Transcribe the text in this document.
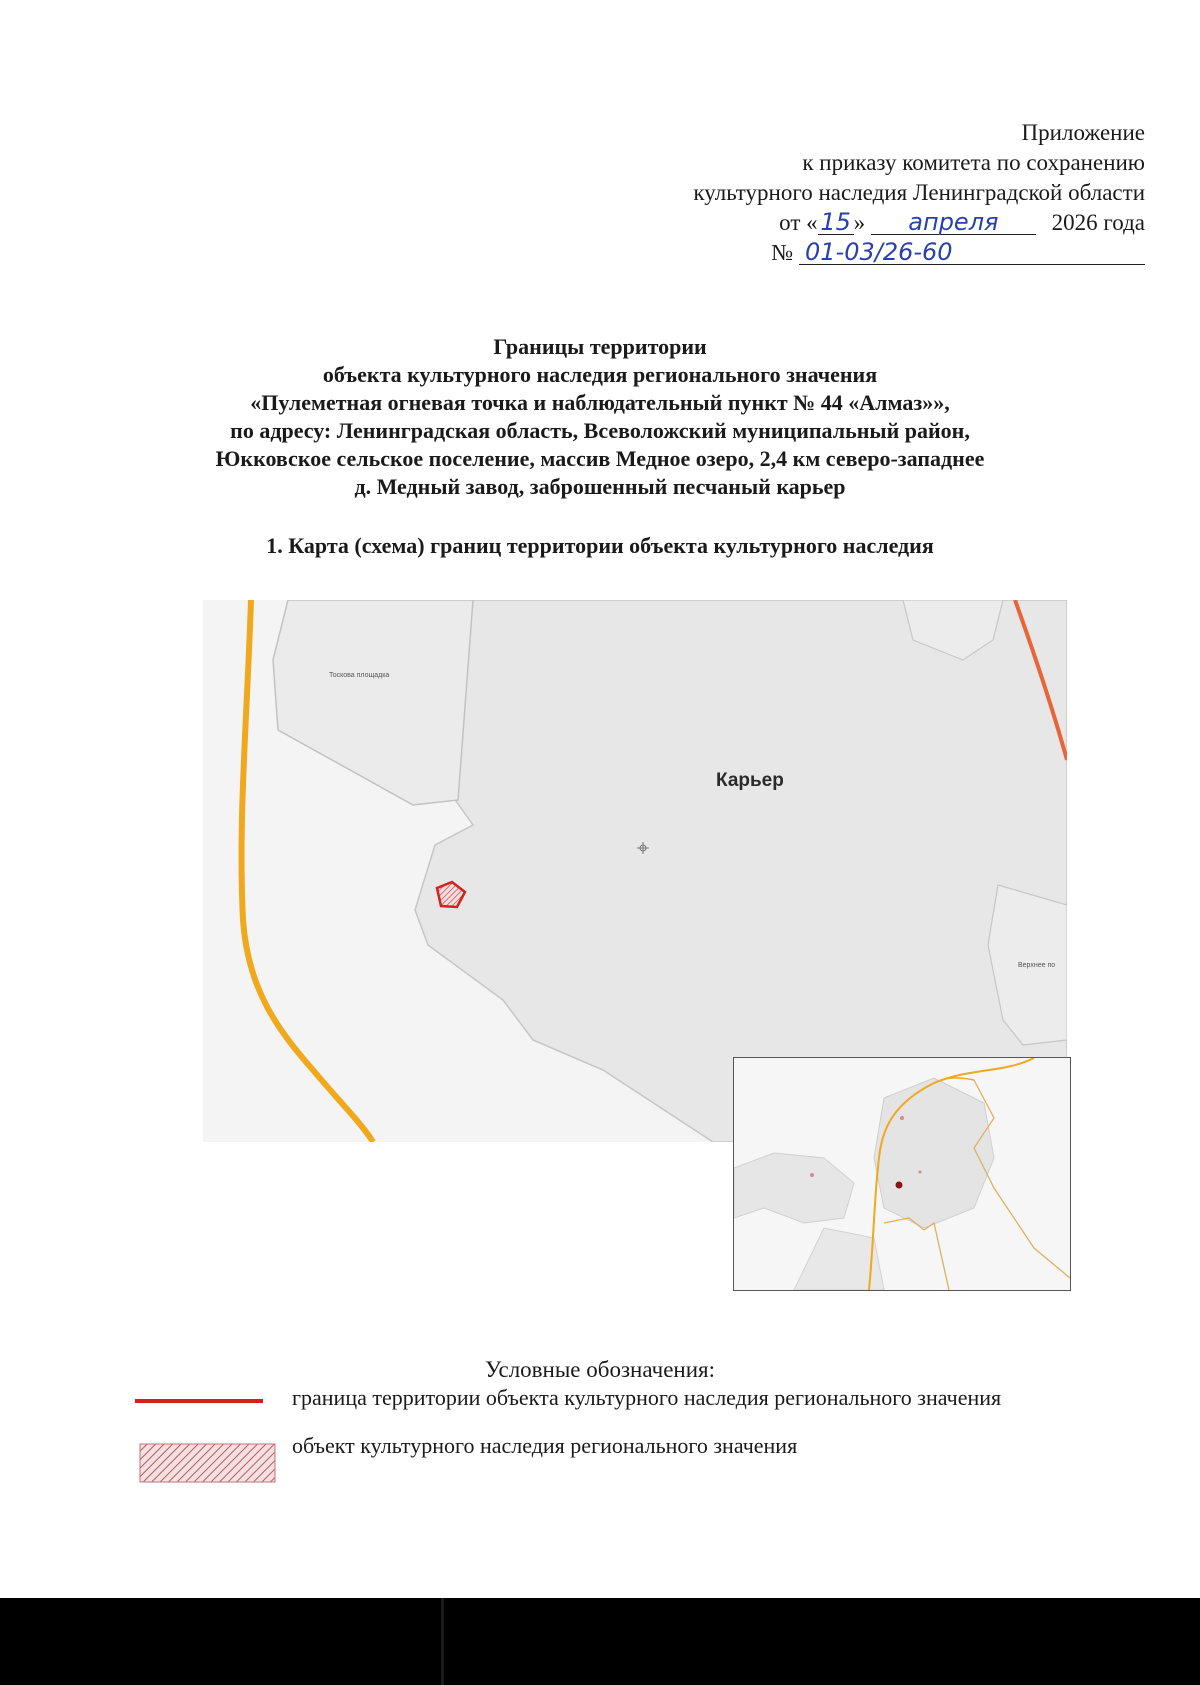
Приложение
к приказу комитета по сохранению
культурного наследия Ленинградской области
от « 15 » апреля 2026 года
№ 01-03/26-60
Границы территории
объекта культурного наследия регионального значения
«Пулеметная огневая точка и наблюдательный пункт № 44 «Алмаз»»,
по адресу: Ленинградская область, Всеволожский муниципальный район,
Юкковское сельское поселение, массив Медное озеро, 2,4 км северо-западнее
д. Медный завод, заброшенный песчаный карьер
1. Карта (схема) границ территории объекта культурного наследия
Карьер
Тоскова площадка
Верхнее по
Условные обозначения:
граница территории объекта культурного наследия регионального значения
объект культурного наследия регионального значения
